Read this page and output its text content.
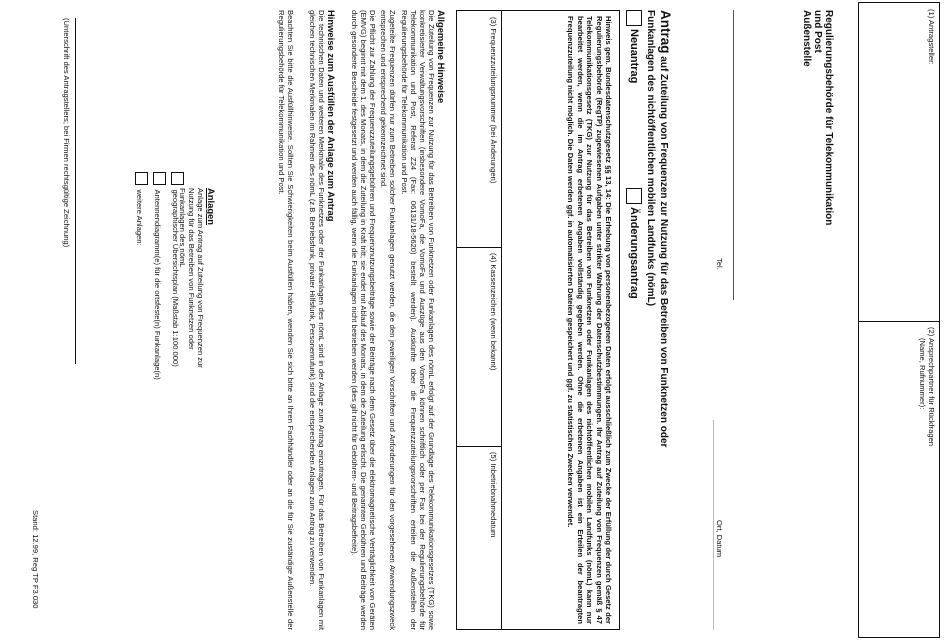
(1) Antragsteller:
(2) Ansprechpartner für Rückfragen
(Name, Rufnummer):
Regulierungsbehörde für Telekommunikation
und Post
Außenstelle
Tel.
Ort, Datum
Antrag auf Zuteilung von Frequenzen zur Nutzung für das Betreiben von Funknetzen oder
Funkanlagen des nichtöffentlichen mobilen Landfunks (nömL)
Neuantrag
Änderungsantrag
Hinweis gem. Bundesdatenschutzgesetz §§ 13, 14: Die Erhebung von personenbezogenen Daten erfolgt ausschließlich zum Zwecke der Erfüllung der durch Gesetz der Regulierungsbehörde (RegTP) zugewiesenen Aufgaben unter strikter Wahrung der Datenschutzbestimmungen. Ihr Antrag auf Zuteilung von Frequenzen gemäß § 47 Telekommunikationsgesetz (TKG) zur Nutzung für das Betreiben von Funknetzen oder Funkanlagen des nichtöffentlichen mobilen Landfunks (nömL) kann nur bearbeitet werden, wenn die im Antrag erbetenen Angaben vollständig gegeben werden. Ohne die erbetenen Angaben ist ein Erteilen der beantragten Frequenzzuteilung nicht möglich. Die Daten werden ggf. in automatisierten Dateien gespeichert und ggf. zu statistischen Zwecken verwendet.
(3) Frequenzzuteilungsnummer (bei Änderungen)
(4) Kassenzeichen (wenn bekannt)
(5) Inbetriebnahmedatum
Allgemeine Hinweise
Die Zuteilung von Frequenzen zur Nutzung für das Betreiben von Funknetzen oder Funkanlagen des nömL erfolgt auf der Grundlage des Telekommunikationsgesetzes (TKG) sowie konkretisierter Verwaltungsvorschriften (insbesondere VomoFa, die VomoFa und Auszüge aus den VomoFa können schriftlich oder per Fax bei der Regulierungsbehörde für Telekommunikation und Post, Referat Z24 (Fax: 06131/18-5620) bestellt werden). Auskünfte über die Frequenzzuteilungsvorschriften erteilen die Außenstellen der Regulierungsbehörde für Telekommunikation und Post.
Zugeteilte Frequenzen dürfen nur zum Betreiben solcher Funkanlagen genutzt werden, die den jeweiligen Vorschriften und Anforderungen für den vorgesehenen Anwendungszweck entsprechen und entsprechend gekennzeichnet sind.
Die Pflicht zur Zahlung der Frequenzzuteilungsgebühren und Frequenznutzungsbeiträge sowie der Beiträge nach dem Gesetz über die elektromagnetische Verträglichkeit von Geräten (EMVG) beginnt mit dem 1. des Monats, in dem die Zuteilung in Kraft tritt; sie endet mit Ablauf des Monats, in dem die Zuteilung erlischt. Die genannten Gebühren und Beiträge werden durch gesonderte Bescheide festgesetzt und werden auch fällig, wenn die Funkanlagen nicht betrieben werden (dies gilt nicht für Gebühren- und Beitragsbefreite).
Hinweise zum Ausfüllen der Anlage zum Antrag
Die technischen Daten und weiteren Merkmale des Funknetzes oder der Funkanlagen des nömL sind in der Anlage zum Antrag einzutragen. Für das Betreiben von Funkanlagen mit gleichen technischen Merkmalen im Rahmen des nömL (z.B. Betriebsfunk, privater Hilfsfunk, Personenrufunk) sind die entsprechenden Anlagen zum Antrag zu verwenden.
Beachten Sie bitte die Ausfüllhinweise. Sollten Sie Schwierigkeiten beim Ausfüllen haben, wenden Sie sich bitte an Ihren Fachhändler oder an die für Sie zuständige Außenstelle der Regulierungsbehörde für Telekommunikation und Post.
Anlagen
Anlage zum Antrag auf Zuteilung von Frequenzen zur Nutzung für das Betreiben von Funknetzen oder Funkanlagen des nömL
geographischer Übersichtsplan (Maßstab 1:100.000)
Antennendiagramm(e) für die ortsfeste(n) Funkanlage(n)
weitere Anlagen:
(Unterschrift des Antragstellers; bei Firmen rechtsgültige Zeichnung)
Stand: 12.99, Reg TP F3.030
